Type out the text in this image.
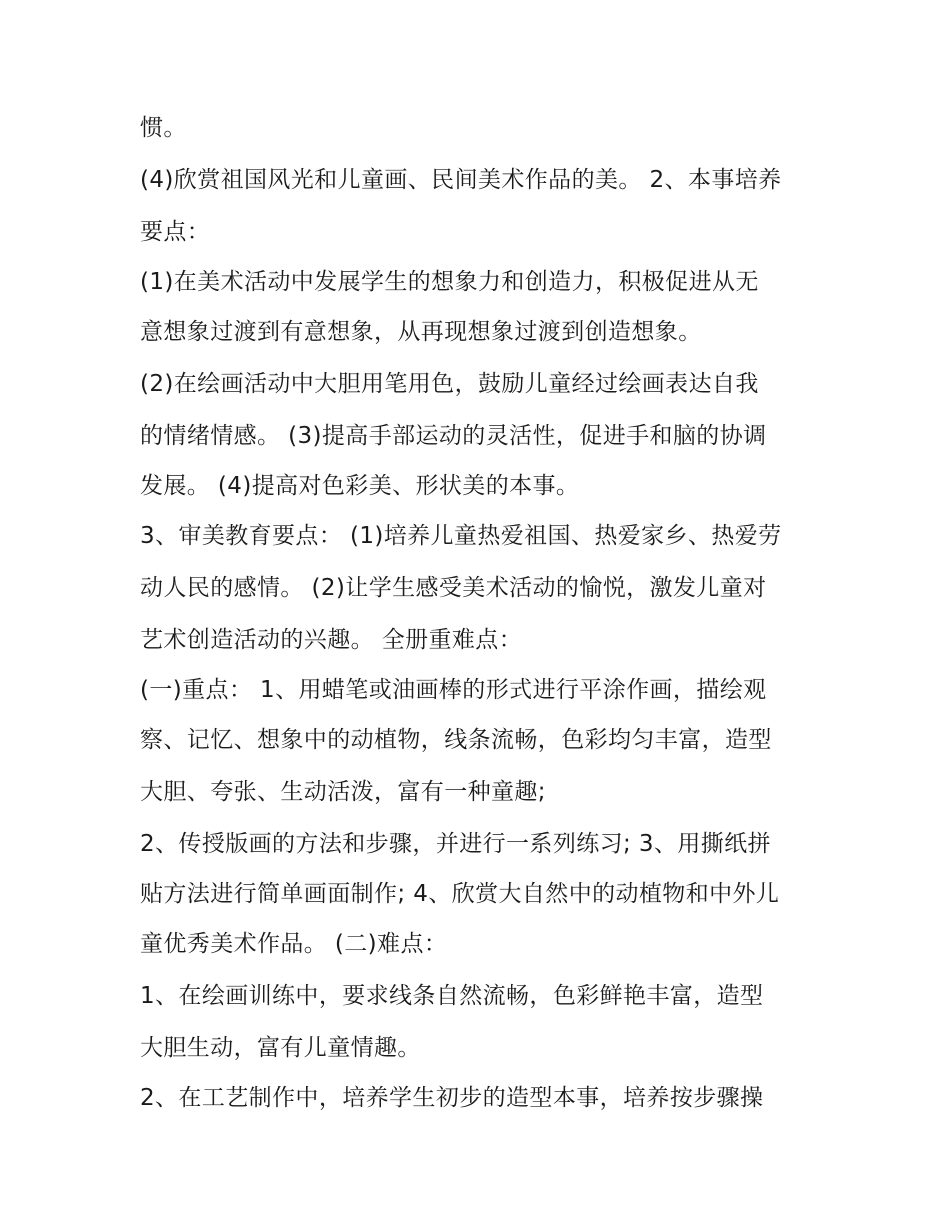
惯。
(4)欣赏祖国风光和儿童画、民间美术作品的美。 2、本事培养
要点：
(1)在美术活动中发展学生的想象力和创造力，积极促进从无
意想象过渡到有意想象，从再现想象过渡到创造想象。
(2)在绘画活动中大胆用笔用色，鼓励儿童经过绘画表达自我
的情绪情感。 (3)提高手部运动的灵活性，促进手和脑的协调
发展。 (4)提高对色彩美、形状美的本事。
3、审美教育要点： (1)培养儿童热爱祖国、热爱家乡、热爱劳
动人民的感情。 (2)让学生感受美术活动的愉悦，激发儿童对
艺术创造活动的兴趣。 全册重难点：
(一)重点： 1、用蜡笔或油画棒的形式进行平涂作画，描绘观
察、记忆、想象中的动植物，线条流畅，色彩均匀丰富，造型
大胆、夸张、生动活泼，富有一种童趣;
2、传授版画的方法和步骤，并进行一系列练习; 3、用撕纸拼
贴方法进行简单画面制作; 4、欣赏大自然中的动植物和中外儿
童优秀美术作品。 (二)难点：
1、在绘画训练中，要求线条自然流畅，色彩鲜艳丰富，造型
大胆生动，富有儿童情趣。
2、在工艺制作中，培养学生初步的造型本事，培养按步骤操
